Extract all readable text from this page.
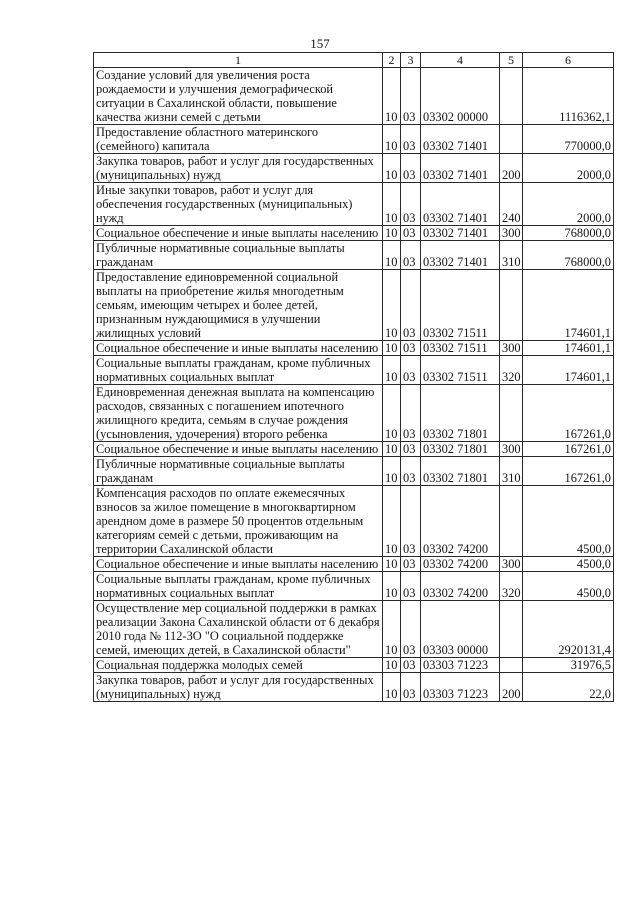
157
1	2	3	4	5	6
Создание условий для увеличения роста рождаемости и улучшения демографической ситуации в Сахалинской области, повышение качества жизни семей с детьми	10	03	03302 00000		1116362,1
Предоставление областного материнского (семейного) капитала	10	03	03302 71401		770000,0
Закупка товаров, работ и услуг для государственных (муниципальных) нужд	10	03	03302 71401	200	2000,0
Иные закупки товаров, работ и услуг для обеспечения государственных (муниципальных) нужд	10	03	03302 71401	240	2000,0
Социальное обеспечение и иные выплаты населению	10	03	03302 71401	300	768000,0
Публичные нормативные социальные выплаты гражданам	10	03	03302 71401	310	768000,0
Предоставление единовременной социальной выплаты на приобретение жилья многодетным семьям, имеющим четырех и более детей, признанным нуждающимися в улучшении жилищных условий	10	03	03302 71511		174601,1
Социальное обеспечение и иные выплаты населению	10	03	03302 71511	300	174601,1
Социальные выплаты гражданам, кроме публичных нормативных социальных выплат	10	03	03302 71511	320	174601,1
Единовременная денежная выплата на компенсацию расходов, связанных с погашением ипотечного жилищного кредита, семьям в случае рождения (усыновления, удочерения) второго ребенка	10	03	03302 71801		167261,0
Социальное обеспечение и иные выплаты населению	10	03	03302 71801	300	167261,0
Публичные нормативные социальные выплаты гражданам	10	03	03302 71801	310	167261,0
Компенсация расходов по оплате ежемесячных взносов за жилое помещение в многоквартирном арендном доме в размере 50 процентов отдельным категориям семей с детьми, проживающим на территории Сахалинской области	10	03	03302 74200		4500,0
Социальное обеспечение и иные выплаты населению	10	03	03302 74200	300	4500,0
Социальные выплаты гражданам, кроме публичных нормативных социальных выплат	10	03	03302 74200	320	4500,0
Осуществление мер социальной поддержки в рамках реализации Закона Сахалинской области от 6 декабря 2010 года № 112-ЗО "О социальной поддержке семей, имеющих детей, в Сахалинской области"	10	03	03303 00000		2920131,4
Социальная поддержка молодых семей	10	03	03303 71223		31976,5
Закупка товаров, работ и услуг для государственных (муниципальных) нужд	10	03	03303 71223	200	22,0
